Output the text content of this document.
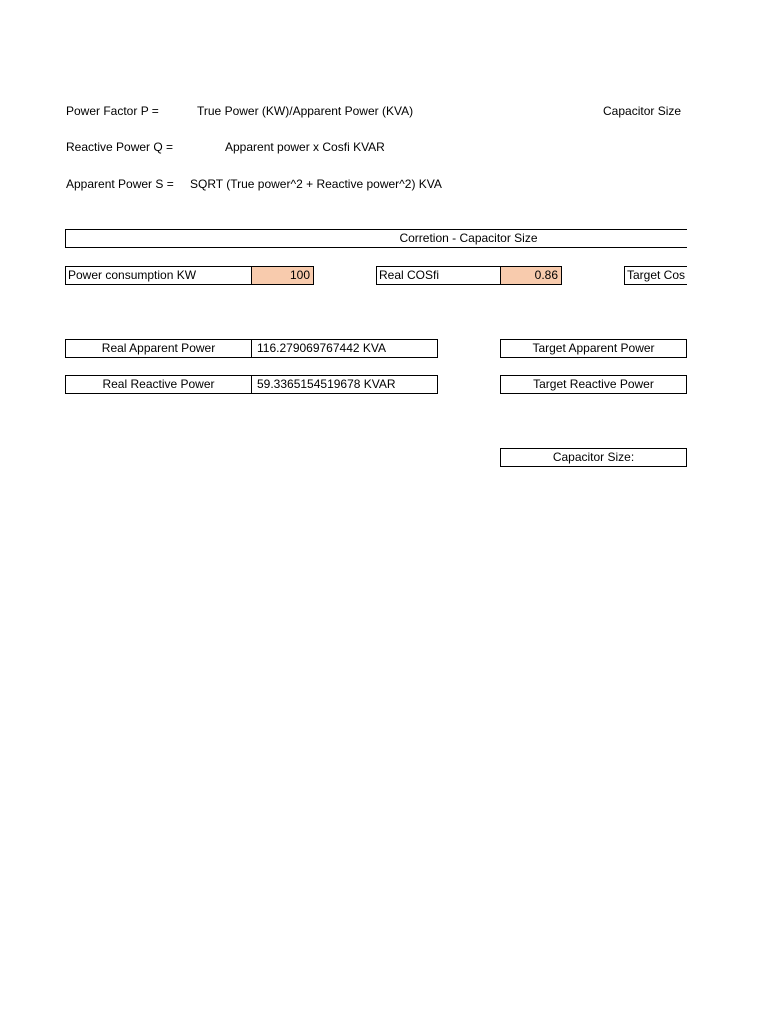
Power Factor P =	True Power (KW)/Apparent Power (KVA)	Capacitor Size
Reactive Power Q =	Apparent power x Cosfi KVAR
Apparent Power S = SQRT (True power^2 + Reactive power^2) KVA
Corretion - Capacitor Size
Power consumption KW	100	Real COSfi	0.86	Target Cos
Real Apparent Power	116.279069767442 KVA	Target Apparent Power
Real Reactive Power	59.3365154519678 KVAR	Target Reactive Power
Capacitor Size:
